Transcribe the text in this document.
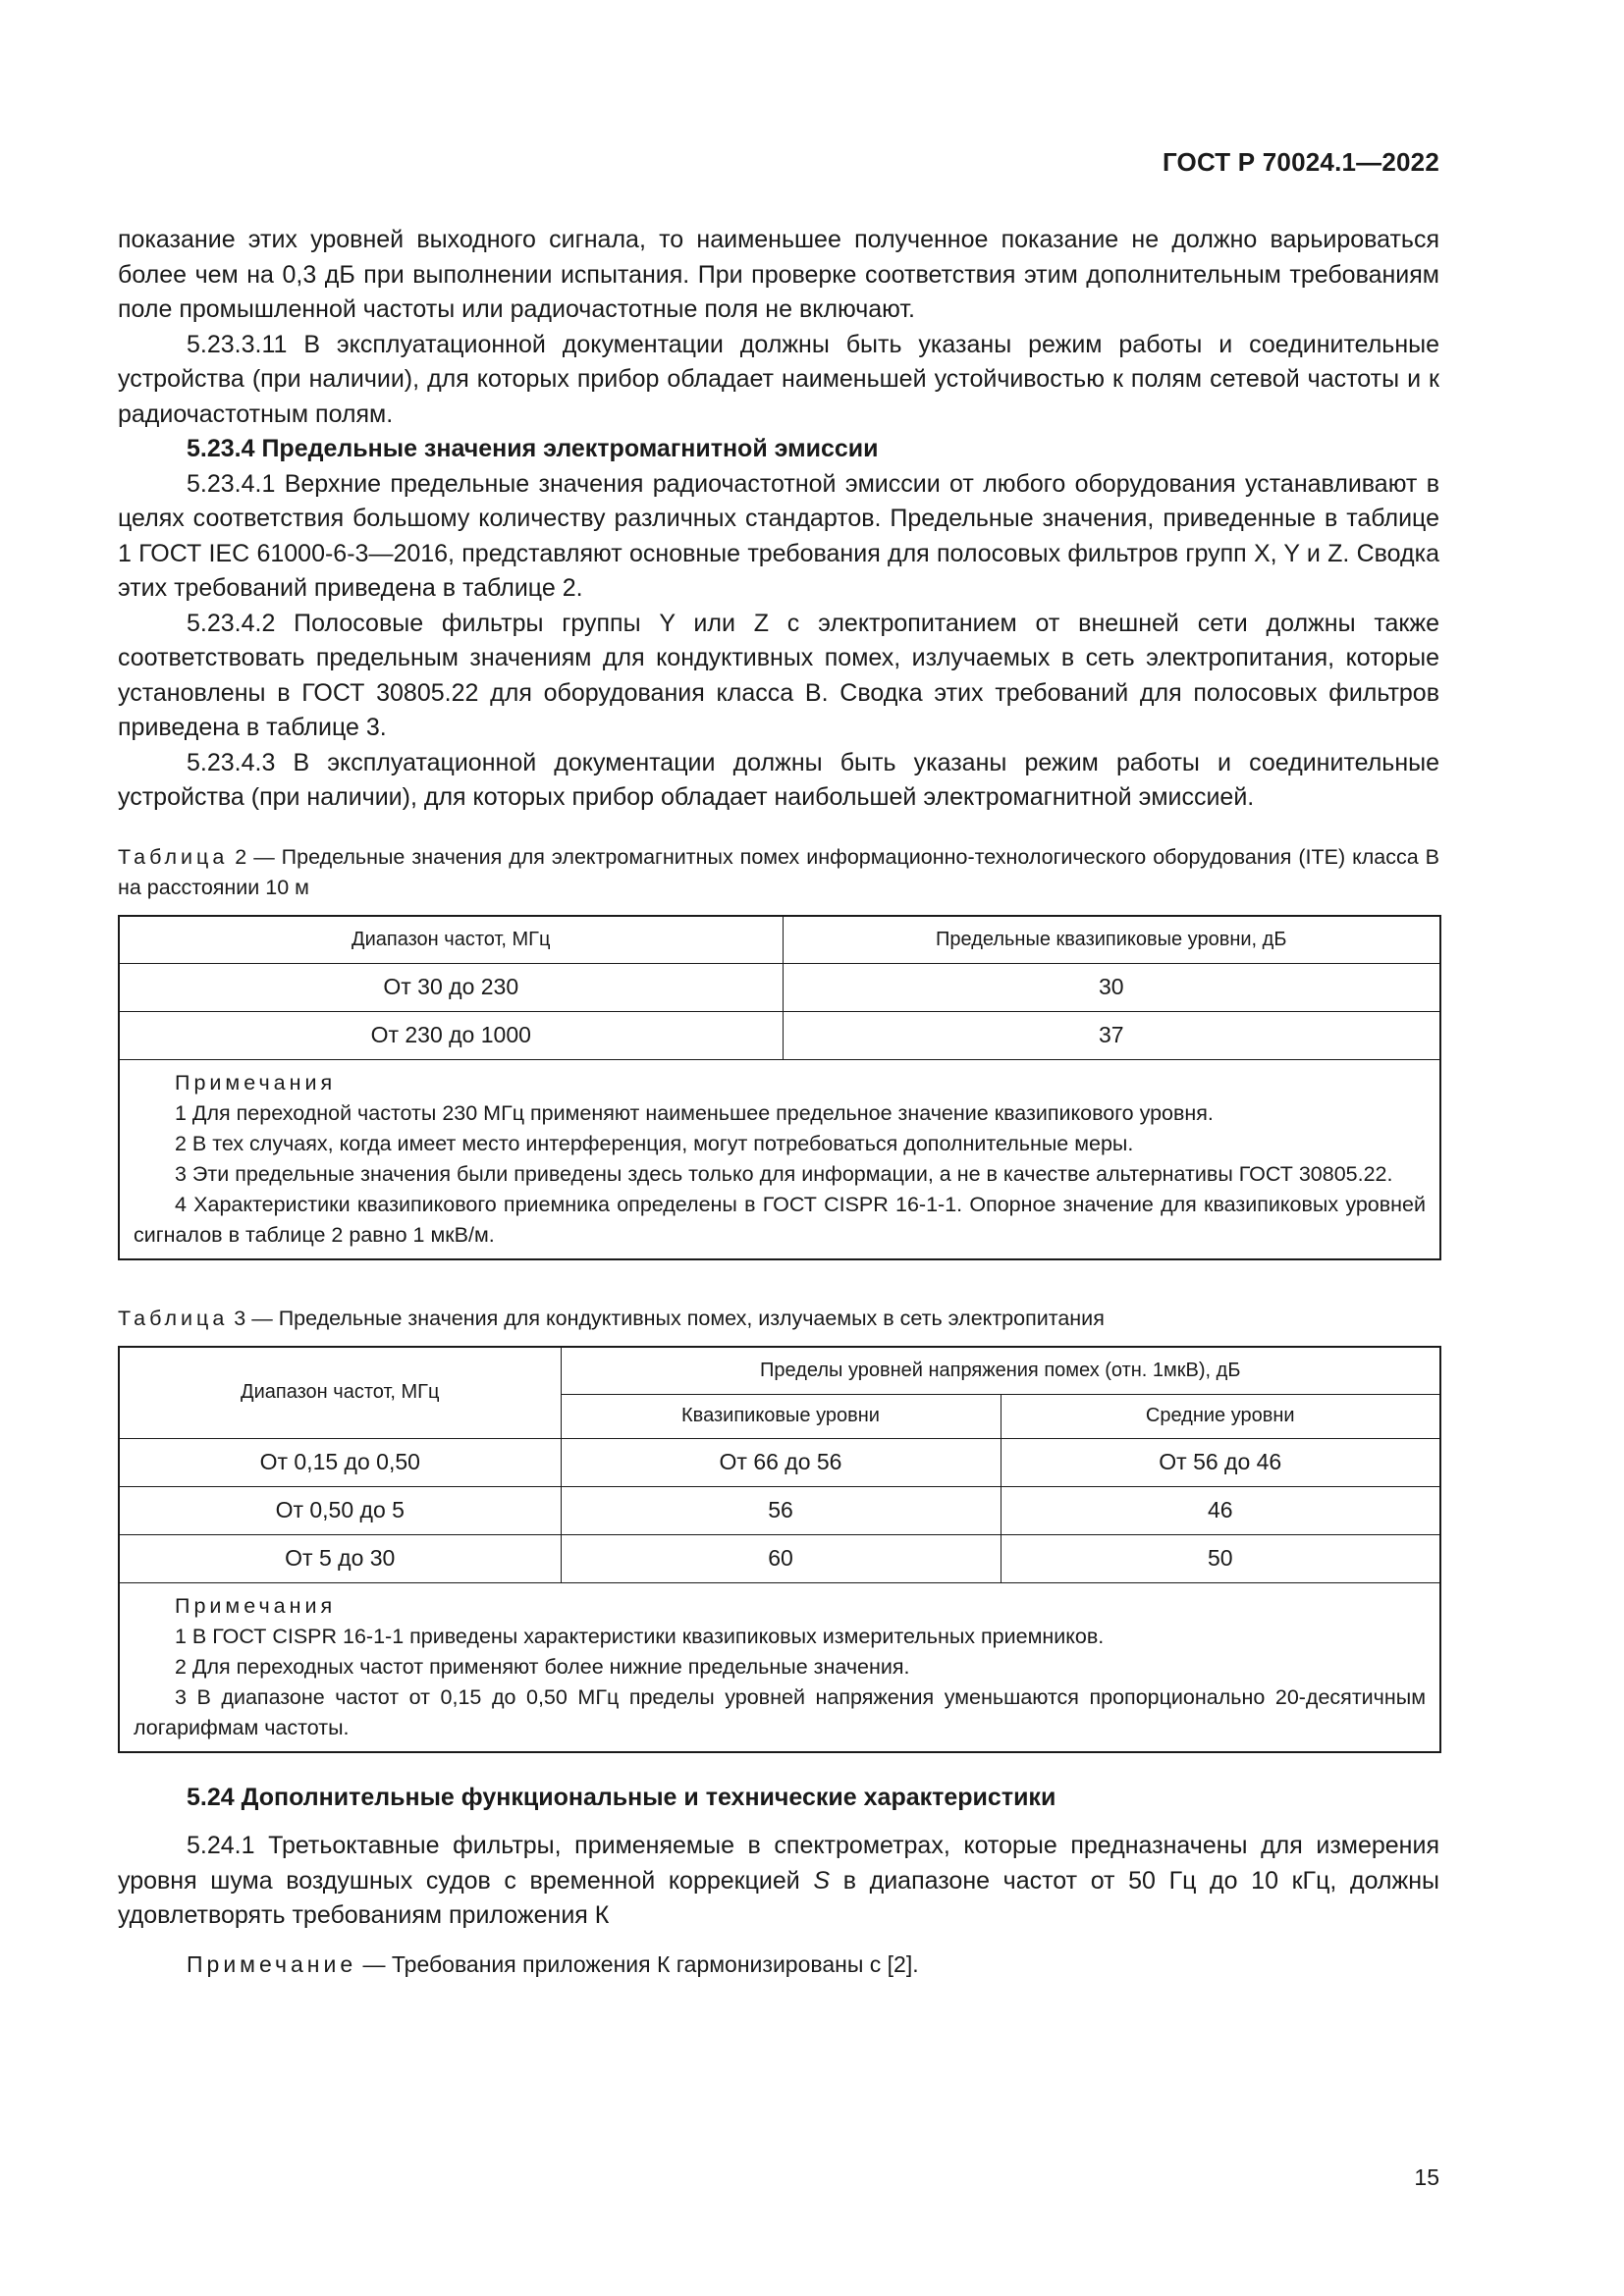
ГОСТ Р 70024.1—2022

показание этих уровней выходного сигнала, то наименьшее полученное показание не должно варьироваться более чем на 0,3 дБ при выполнении испытания. При проверке соответствия этим дополнительным требованиям поле промышленной частоты или радиочастотные поля не включают.

5.23.3.11 В эксплуатационной документации должны быть указаны режим работы и соединительные устройства (при наличии), для которых прибор обладает наименьшей устойчивостью к полям сетевой частоты и к радиочастотным полям.

5.23.4 Предельные значения электромагнитной эмиссии

5.23.4.1 Верхние предельные значения радиочастотной эмиссии от любого оборудования устанавливают в целях соответствия большому количеству различных стандартов. Предельные значения, приведенные в таблице 1 ГОСТ IEC 61000-6-3—2016, представляют основные требования для полосовых фильтров групп X, Y и Z. Сводка этих требований приведена в таблице 2.

5.23.4.2 Полосовые фильтры группы Y или Z с электропитанием от внешней сети должны также соответствовать предельным значениям для кондуктивных помех, излучаемых в сеть электропитания, которые установлены в ГОСТ 30805.22 для оборудования класса B. Сводка этих требований для полосовых фильтров приведена в таблице 3.

5.23.4.3 В эксплуатационной документации должны быть указаны режим работы и соединительные устройства (при наличии), для которых прибор обладает наибольшей электромагнитной эмиссией.

Таблица 2 — Предельные значения для электромагнитных помех информационно-технологического оборудования (ITE) класса B на расстоянии 10 м

Диапазон частот, МГц	Предельные квазипиковые уровни, дБ
От 30 до 230	30
От 230 до 1000	37

Примечания
1 Для переходной частоты 230 МГц применяют наименьшее предельное значение квазипикового уровня.
2 В тех случаях, когда имеет место интерференция, могут потребоваться дополнительные меры.
3 Эти предельные значения были приведены здесь только для информации, а не в качестве альтернативы ГОСТ 30805.22.
4 Характеристики квазипикового приемника определены в ГОСТ CISPR 16-1-1. Опорное значение для квазипиковых уровней сигналов в таблице 2 равно 1 мкВ/м.	

Таблица 3 — Предельные значения для кондуктивных помех, излучаемых в сеть электропитания

Диапазон частот, МГц	Пределы уровней напряжения помех (отн. 1мкВ), дБ	
	Квазипиковые уровни	Средние уровни
От 0,15 до 0,50	От 66 до 56	От 56 до 46
От 0,50 до 5	56	46
От 5 до 30	60	50

Примечания
1 В ГОСТ CISPR 16-1-1 приведены характеристики квазипиковых измерительных приемников.
2 Для переходных частот применяют более нижние предельные значения.
3 В диапазоне частот от 0,15 до 0,50 МГц пределы уровней напряжения уменьшаются пропорционально 20-десятичным логарифмам частоты.		

5.24 Дополнительные функциональные и технические характеристики

5.24.1 Третьоктавные фильтры, применяемые в спектрометрах, которые предназначены для измерения уровня шума воздушных судов с временной коррекцией S в диапазоне частот от 50 Гц до 10 кГц, должны удовлетворять требованиям приложения К

Примечание — Требования приложения К гармонизированы с [2].

15
